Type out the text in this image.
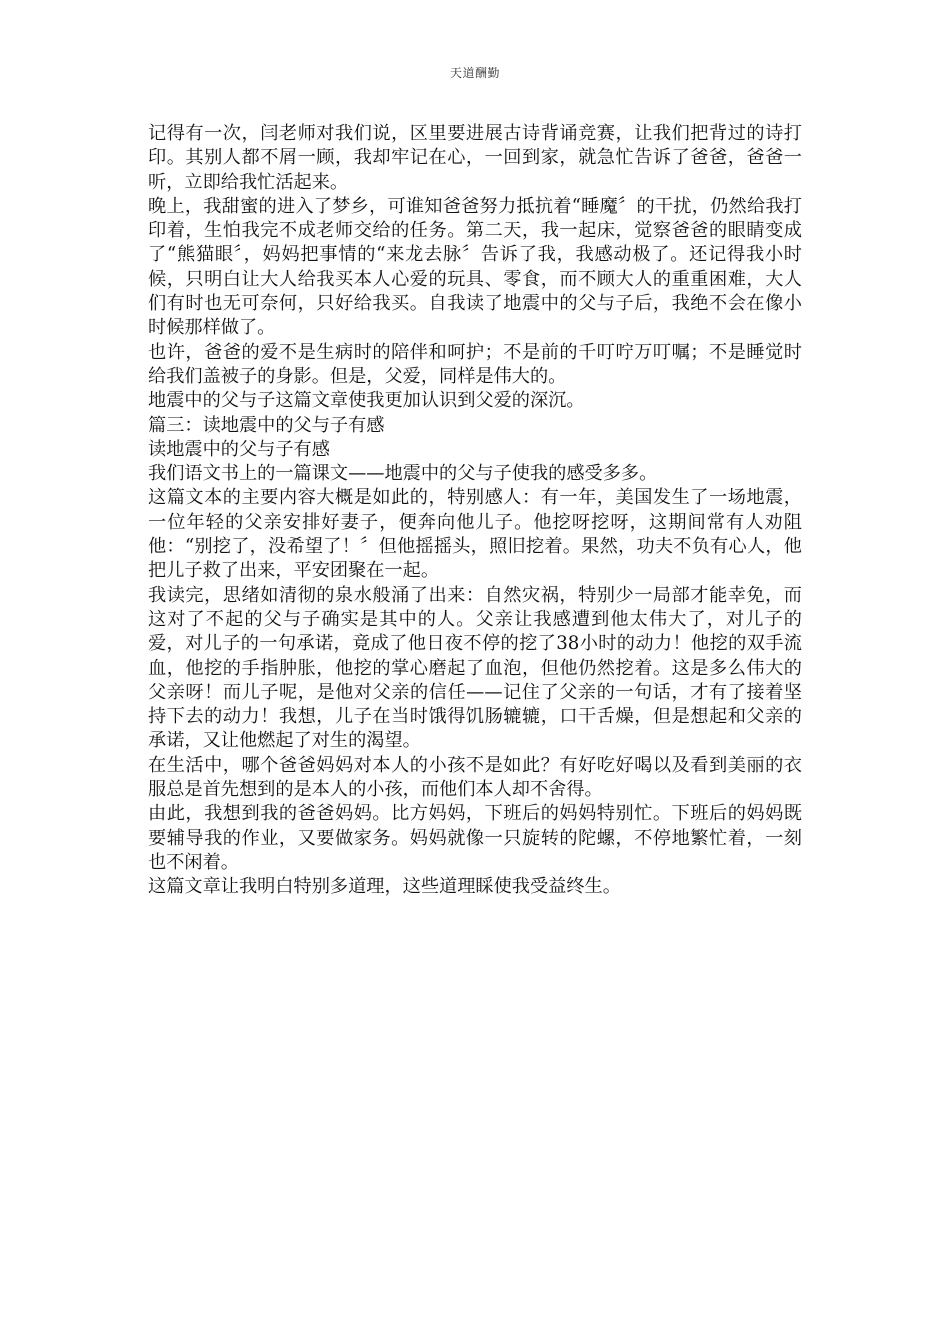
天道酬勤

记得有一次，闫老师对我们说，区里要进展古诗背诵竞赛，让我们把背过的诗打印。其别人都不屑一顾，我却牢记在心，一回到家，就急忙告诉了爸爸，爸爸一听，立即给我忙活起来。

晚上，我甜蜜的进入了梦乡，可谁知爸爸努力抵抗着“睡魔〞的干扰，仍然给我打印着，生怕我完不成老师交给的任务。第二天，我一起床，觉察爸爸的眼睛变成了“熊猫眼〞，妈妈把事情的“来龙去脉〞告诉了我，我感动极了。还记得我小时候，只明白让大人给我买本人心爱的玩具、零食，而不顾大人的重重困难，大人们有时也无可奈何，只好给我买。自我读了地震中的父与子后，我绝不会在像小时候那样做了。

也许，爸爸的爱不是生病时的陪伴和呵护；不是前的千叮咛万叮嘱；不是睡觉时给我们盖被子的身影。但是，父爱，同样是伟大的。

地震中的父与子这篇文章使我更加认识到父爱的深沉。

篇三：读地震中的父与子有感

读地震中的父与子有感

我们语文书上的一篇课文——地震中的父与子使我的感受多多。

这篇文本的主要内容大概是如此的，特别感人：有一年，美国发生了一场地震，一位年轻的父亲安排好妻子，便奔向他儿子。他挖呀挖呀，这期间常有人劝阻他：“别挖了，没希望了！〞但他摇摇头，照旧挖着。果然，功夫不负有心人，他把儿子救了出来，平安团聚在一起。

我读完，思绪如清彻的泉水般涌了出来：自然灾祸，特别少一局部才能幸免，而这对了不起的父与子确实是其中的人。父亲让我感遭到他太伟大了，对儿子的爱，对儿子的一句承诺，竟成了他日夜不停的挖了38小时的动力！他挖的双手流血，他挖的手指肿胀，他挖的掌心磨起了血泡，但他仍然挖着。这是多么伟大的父亲呀！而儿子呢，是他对父亲的信任——记住了父亲的一句话，才有了接着坚持下去的动力！我想，儿子在当时饿得饥肠辘辘，口干舌燥，但是想起和父亲的承诺，又让他燃起了对生的渴望。

在生活中，哪个爸爸妈妈对本人的小孩不是如此？有好吃好喝以及看到美丽的衣服总是首先想到的是本人的小孩，而他们本人却不舍得。

由此，我想到我的爸爸妈妈。比方妈妈，下班后的妈妈特别忙。下班后的妈妈既要辅导我的作业，又要做家务。妈妈就像一只旋转的陀螺，不停地繁忙着，一刻也不闲着。

这篇文章让我明白特别多道理，这些道理睬使我受益终生。
